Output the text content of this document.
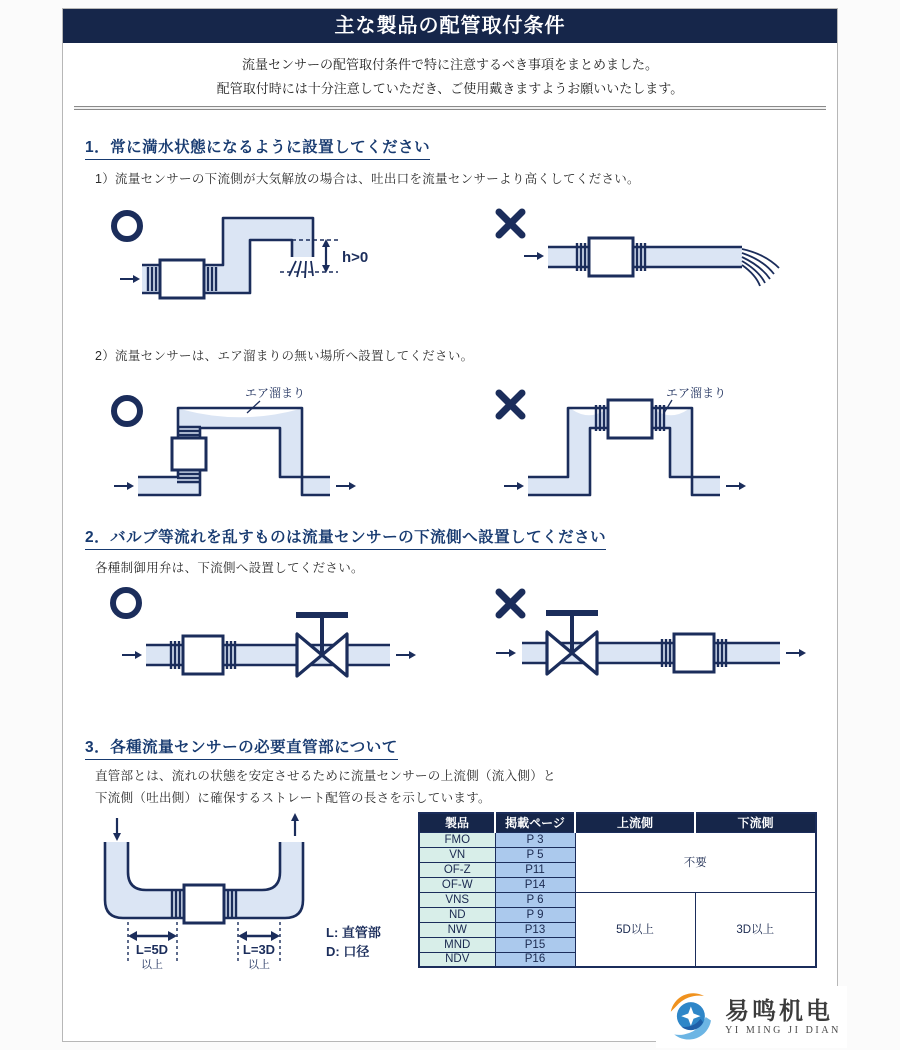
主な製品の配管取付条件
流量センサーの配管取付条件で特に注意するべき事項をまとめました。
配管取付時には十分注意していただき、ご使用戴きますようお願いいたします。
1．常に満水状態になるように設置してください
1）流量センサーの下流側が大気解放の場合は、吐出口を流量センサーより高くしてください。
h>0
2）流量センサーは、エア溜まりの無い場所へ設置してください。
エア溜まり	エア溜まり
2．バルブ等流れを乱すものは流量センサーの下流側へ設置してください
各種制御用弁は、下流側へ設置してください。
3．各種流量センサーの必要直管部について
直管部とは、流れの状態を安定させるために流量センサーの上流側（流入側）と
下流側（吐出側）に確保するストレート配管の長さを示しています。
L=5D
以上
L=3D
以上
L: 直管部
D: 口径
製品	掲載ページ	上流側	下流側
FMO	P 3	不要	
VN	P 5		
OF-Z	P11		
OF-W	P14		
VNS	P 6	5D以上	3D以上
ND	P 9		
NW	P13		
MND	P15		
NDV	P16		
易鸣机电
YI MING JI DIAN
